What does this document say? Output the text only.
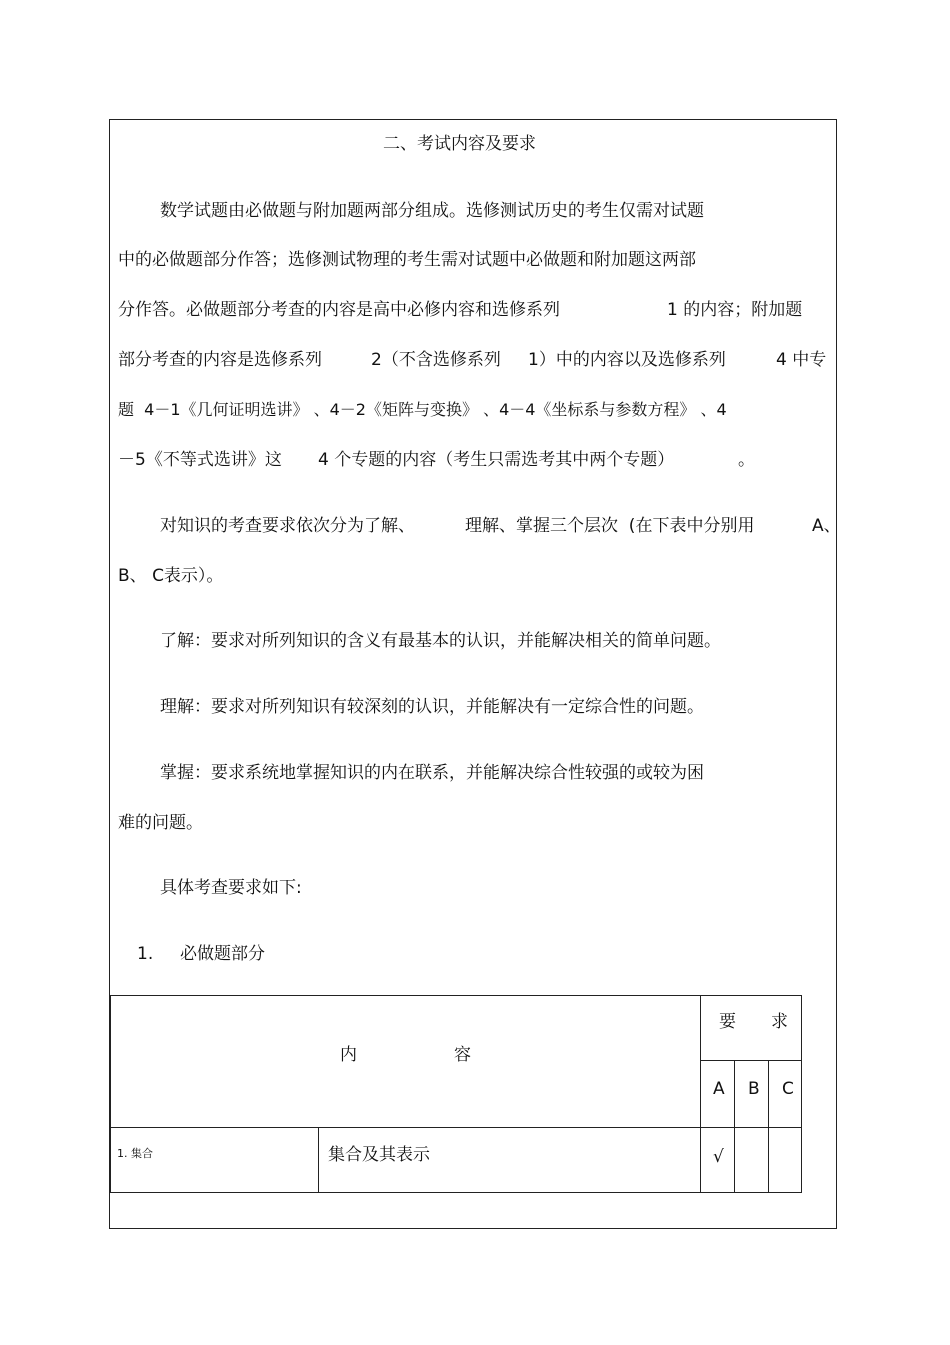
二、考试内容及要求
数学试题由必做题与附加题两部分组成。选修测试历史的考生仅需对试题
中的必做题部分作答；选修测试物理的考生需对试题中必做题和附加题这两部
分作答。必做题部分考查的内容是高中必修内容和选修系列	1 的内容；附加题
部分考查的内容是选修系列	2（不含选修系列 1）中的内容以及选修系列	4 中专
题  4－1《几何证明选讲》 、4－2《矩阵与变换》 、4－4《坐标系与参数方程》 、4
－5《不等式选讲》这 4 个专题的内容（考生只需选考其中两个专题）	。
对知识的考查要求依次分为了解、	理解、掌握三个层次  (在下表中分别用	A、
B、 C表示）。
了解：要求对所列知识的含义有最基本的认识，并能解决相关的简单问题。
理解：要求对所列知识有较深刻的认识，并能解决有一定综合性的问题。
掌握：要求系统地掌握知识的内在联系，并能解决综合性较强的或较为困
难的问题。
具体考查要求如下:
1. 必做题部分
内	容
要 求
A B C
1. 集合	集合及其表示	√
